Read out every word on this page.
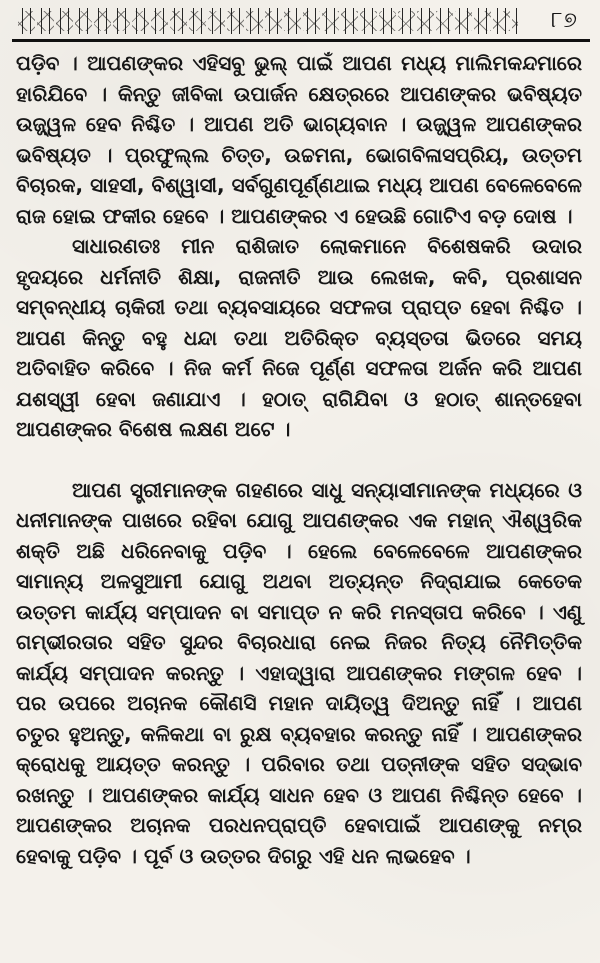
୮୭

ପଡ଼ିବ । ଆପଣଙ୍କର ଏହିସବୁ ଭୁଲ୍ ପାଇଁ ଆପଣ ମଧ୍ୟ ମାଲିମକନ୍ଦମାରେ ହାରିଯିବେ । କିନ୍ତୁ ଜୀବିକା ଉପାର୍ଜନ କ୍ଷେତ୍ରରେ ଆପଣଙ୍କର ଭବିଷ୍ୟତ ଉଜ୍ଜ୍ୱଳ ହେବ ନିଶ୍ଚିତ । ଆପଣ ଅତି ଭାଗ୍ୟବାନ । ଉଜ୍ଜ୍ୱଳ ଆପଣଙ୍କର ଭବିଷ୍ୟତ । ପ୍ରଫୁଲ୍ଲ ଚିତ୍ତ, ଉଚ୍ଚମନା, ଭୋଗବିଳାସପ୍ରିୟ, ଉତ୍ତମ ବିଚାରକ, ସାହସୀ, ବିଶ୍ୱାସୀ, ସର୍ବଗୁଣପୂର୍ଣ୍ଣଥାଇ ମଧ୍ୟ ଆପଣ ବେଳେବେଳେ ରାଜ ହୋଇ ଫକୀର ହେବେ । ଆପଣଙ୍କର ଏ ହେଉଛି ଗୋଟିଏ ବଡ଼ ଦୋଷ ।

ସାଧାରଣତଃ ମୀନ ରାଶିଜାତ ଲୋକମାନେ ବିଶେଷକରି ଉଦାର ହୃଦୟରେ ଧର୍ମନୀତି ଶିକ୍ଷା, ରାଜନୀତି ଆଉ ଲେଖକ, କବି, ପ୍ରଶାସନ ସମ୍ବନ୍ଧୀୟ ଚାକିରୀ ତଥା ବ୍ୟବସାୟରେ ସଫଳତା ପ୍ରାପ୍ତ ହେବା ନିଶ୍ଚିତ । ଆପଣ କିନ୍ତୁ ବହୁ ଧନ୍ଦା ତଥା ଅତିରିକ୍ତ ବ୍ୟସ୍ତତା ଭିତରେ ସମୟ ଅତିବାହିତ କରିବେ । ନିଜ କର୍ମ ନିଜେ ପୂର୍ଣ୍ଣ ସଫଳତା ଅର୍ଜନ କରି ଆପଣ ଯଶସ୍ୱୀ ହେବା ଜଣାଯାଏ । ହଠାତ୍ ରାଗିଯିବା ଓ ହଠାତ୍ ଶାନ୍ତହେବା ଆପଣଙ୍କର ବିଶେଷ ଲକ୍ଷଣ ଅଟେ ।

ଆପଣ ସ୍ତ୍ରୀମାନଙ୍କ ଗହଣରେ ସାଧୁ ସନ୍ୟାସୀମାନଙ୍କ ମଧ୍ୟରେ ଓ ଧନୀମାନଙ୍କ ପାଖରେ ରହିବା ଯୋଗୁ ଆପଣଙ୍କର ଏକ ମହାନ୍ ଐଶ୍ୱରିକ ଶକ୍ତି ଅଛି ଧରିନେବାକୁ ପଡ଼ିବ । ହେଲେ ବେଳେବେଳେ ଆପଣଙ୍କର ସାମାନ୍ୟ ଅଳସୁଆମୀ ଯୋଗୁ ଅଥବା ଅତ୍ୟନ୍ତ ନିଦ୍ରାଯାଇ କେତେକ ଉତ୍ତମ କାର୍ଯ୍ୟ ସମ୍ପାଦନ ବା ସମାପ୍ତ ନ କରି ମନସ୍ତାପ କରିବେ । ଏଣୁ ଗମ୍ଭୀରତାର ସହିତ ସୁନ୍ଦର ବିଚାରଧାରା ନେଇ ନିଜର ନିତ୍ୟ ନୈମିତ୍ତିକ କାର୍ଯ୍ୟ ସମ୍ପାଦନ କରନ୍ତୁ । ଏହାଦ୍ୱାରା ଆପଣଙ୍କର ମଙ୍ଗଳ ହେବ । ପର ଉପରେ ଅଚାନକ କୌଣସି ମହାନ ଦାୟିତ୍ୱ ଦିଅନ୍ତୁ ନାହିଁ । ଆପଣ ଚତୁର ହୁଅନ୍ତୁ, କଳିକଥା ବା ରୁକ୍ଷ ବ୍ୟବହାର କରନ୍ତୁ ନାହିଁ । ଆପଣଙ୍କର କ୍ରୋଧକୁ ଆୟତ୍ତ କରନ୍ତୁ । ପରିବାର ତଥା ପତ୍ନୀଙ୍କ ସହିତ ସଦ୍ଭାବ ରଖନ୍ତୁ । ଆପଣଙ୍କର କାର୍ଯ୍ୟ ସାଧନ ହେବ ଓ ଆପଣ ନିଶ୍ଚିନ୍ତ ହେବେ । ଆପଣଙ୍କର ଅଚାନକ ପରଧନପ୍ରାପ୍ତି ହେବାପାଇଁ ଆପଣଙ୍କୁ ନମ୍ର ହେବାକୁ ପଡ଼ିବ । ପୂର୍ବ ଓ ଉତ୍ତର ଦିଗରୁ ଏହି ଧନ ଲାଭହେବ ।
